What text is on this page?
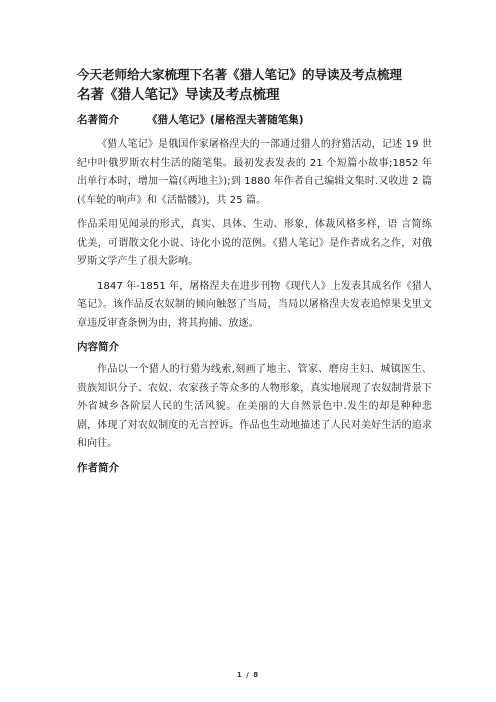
今天老师给大家梳理下名著《猎人笔记》的导读及考点梳理
名著《猎人笔记》导读及考点梳理
名著简介	《猎人笔记》(屠格涅夫著随笔集)

《猎人笔记》是俄国作家屠格涅夫的一部通过猎人的狩猎活动，记述 19 世纪中叶俄罗斯农村生活的随笔集。最初发表发表的 21 个短篇小故事;1852 年出单行本时，增加一篇(《两地主》);到 1880 年作者自己编辑文集时.又收进 2 篇(《车轮的响声》和《活骷髅》)，共 25 篇。

作品采用见闻录的形式，真实、具体、生动、形象，体裁风格多样，语 言简练优美，可谓散文化小说、诗化小说的范例。《猎人笔记》是作者成名之作，对俄罗斯文学产生了很大影响。

1847 年-1851 年，屠格涅夫在进步刊物《现代人》上发表其成名作《猎人笔记》。该作品反农奴制的倾向触怒了当局，当局以屠格涅夫发表追悼果戈里文章违反审查条例为由，将其拘捕、放逐。

内容简介

作品以一个猎人的行猎为线索,刻画了地主、管家、磨房主妇、城镇医生、贵族知识分子、农奴、农家孩子等众多的人物形象，真实地展现了农奴制背景下外省城乡各阶层人民的生活风貌。在美丽的大自然景色中.发生的却是种种悲剧，体现了对农奴制度的无言控诉。作品也生动地描述了人民对美好生活的追求和向往。

作者简介
1 / 8
